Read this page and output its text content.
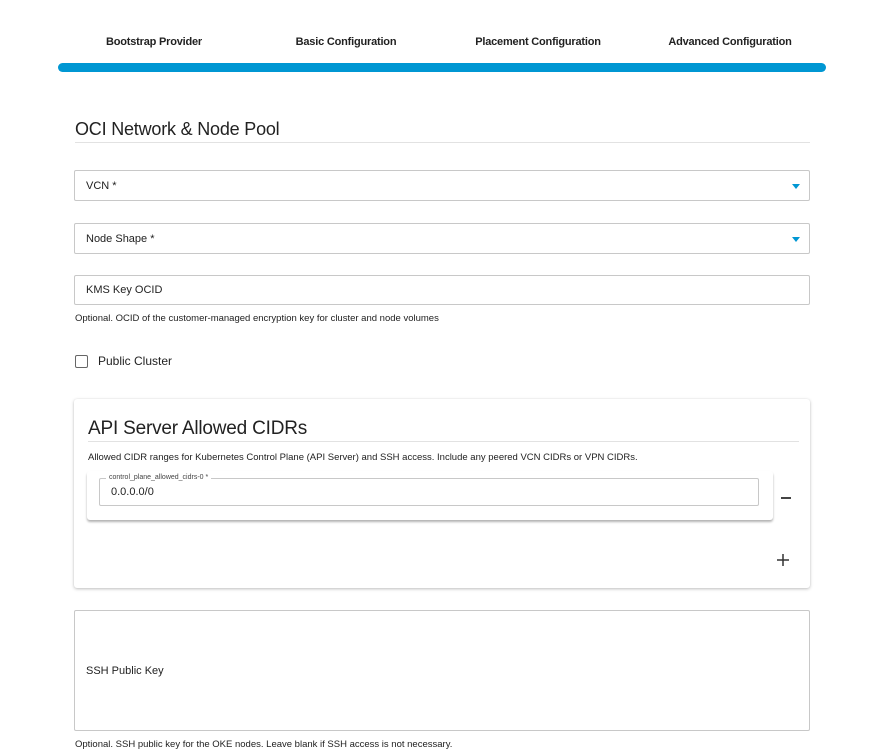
Bootstrap Provider	Basic Configuration	Placement Configuration	Advanced Configuration
OCI Network & Node Pool
VCN *
Node Shape *
KMS Key OCID
Optional. OCID of the customer-managed encryption key for cluster and node volumes
Public Cluster
API Server Allowed CIDRs
Allowed CIDR ranges for Kubernetes Control Plane (API Server) and SSH access. Include any peered VCN CIDRs or VPN CIDRs.
control_plane_allowed_cidrs-0 *
0.0.0.0/0
SSH Public Key
Optional. SSH public key for the OKE nodes. Leave blank if SSH access is not necessary.
